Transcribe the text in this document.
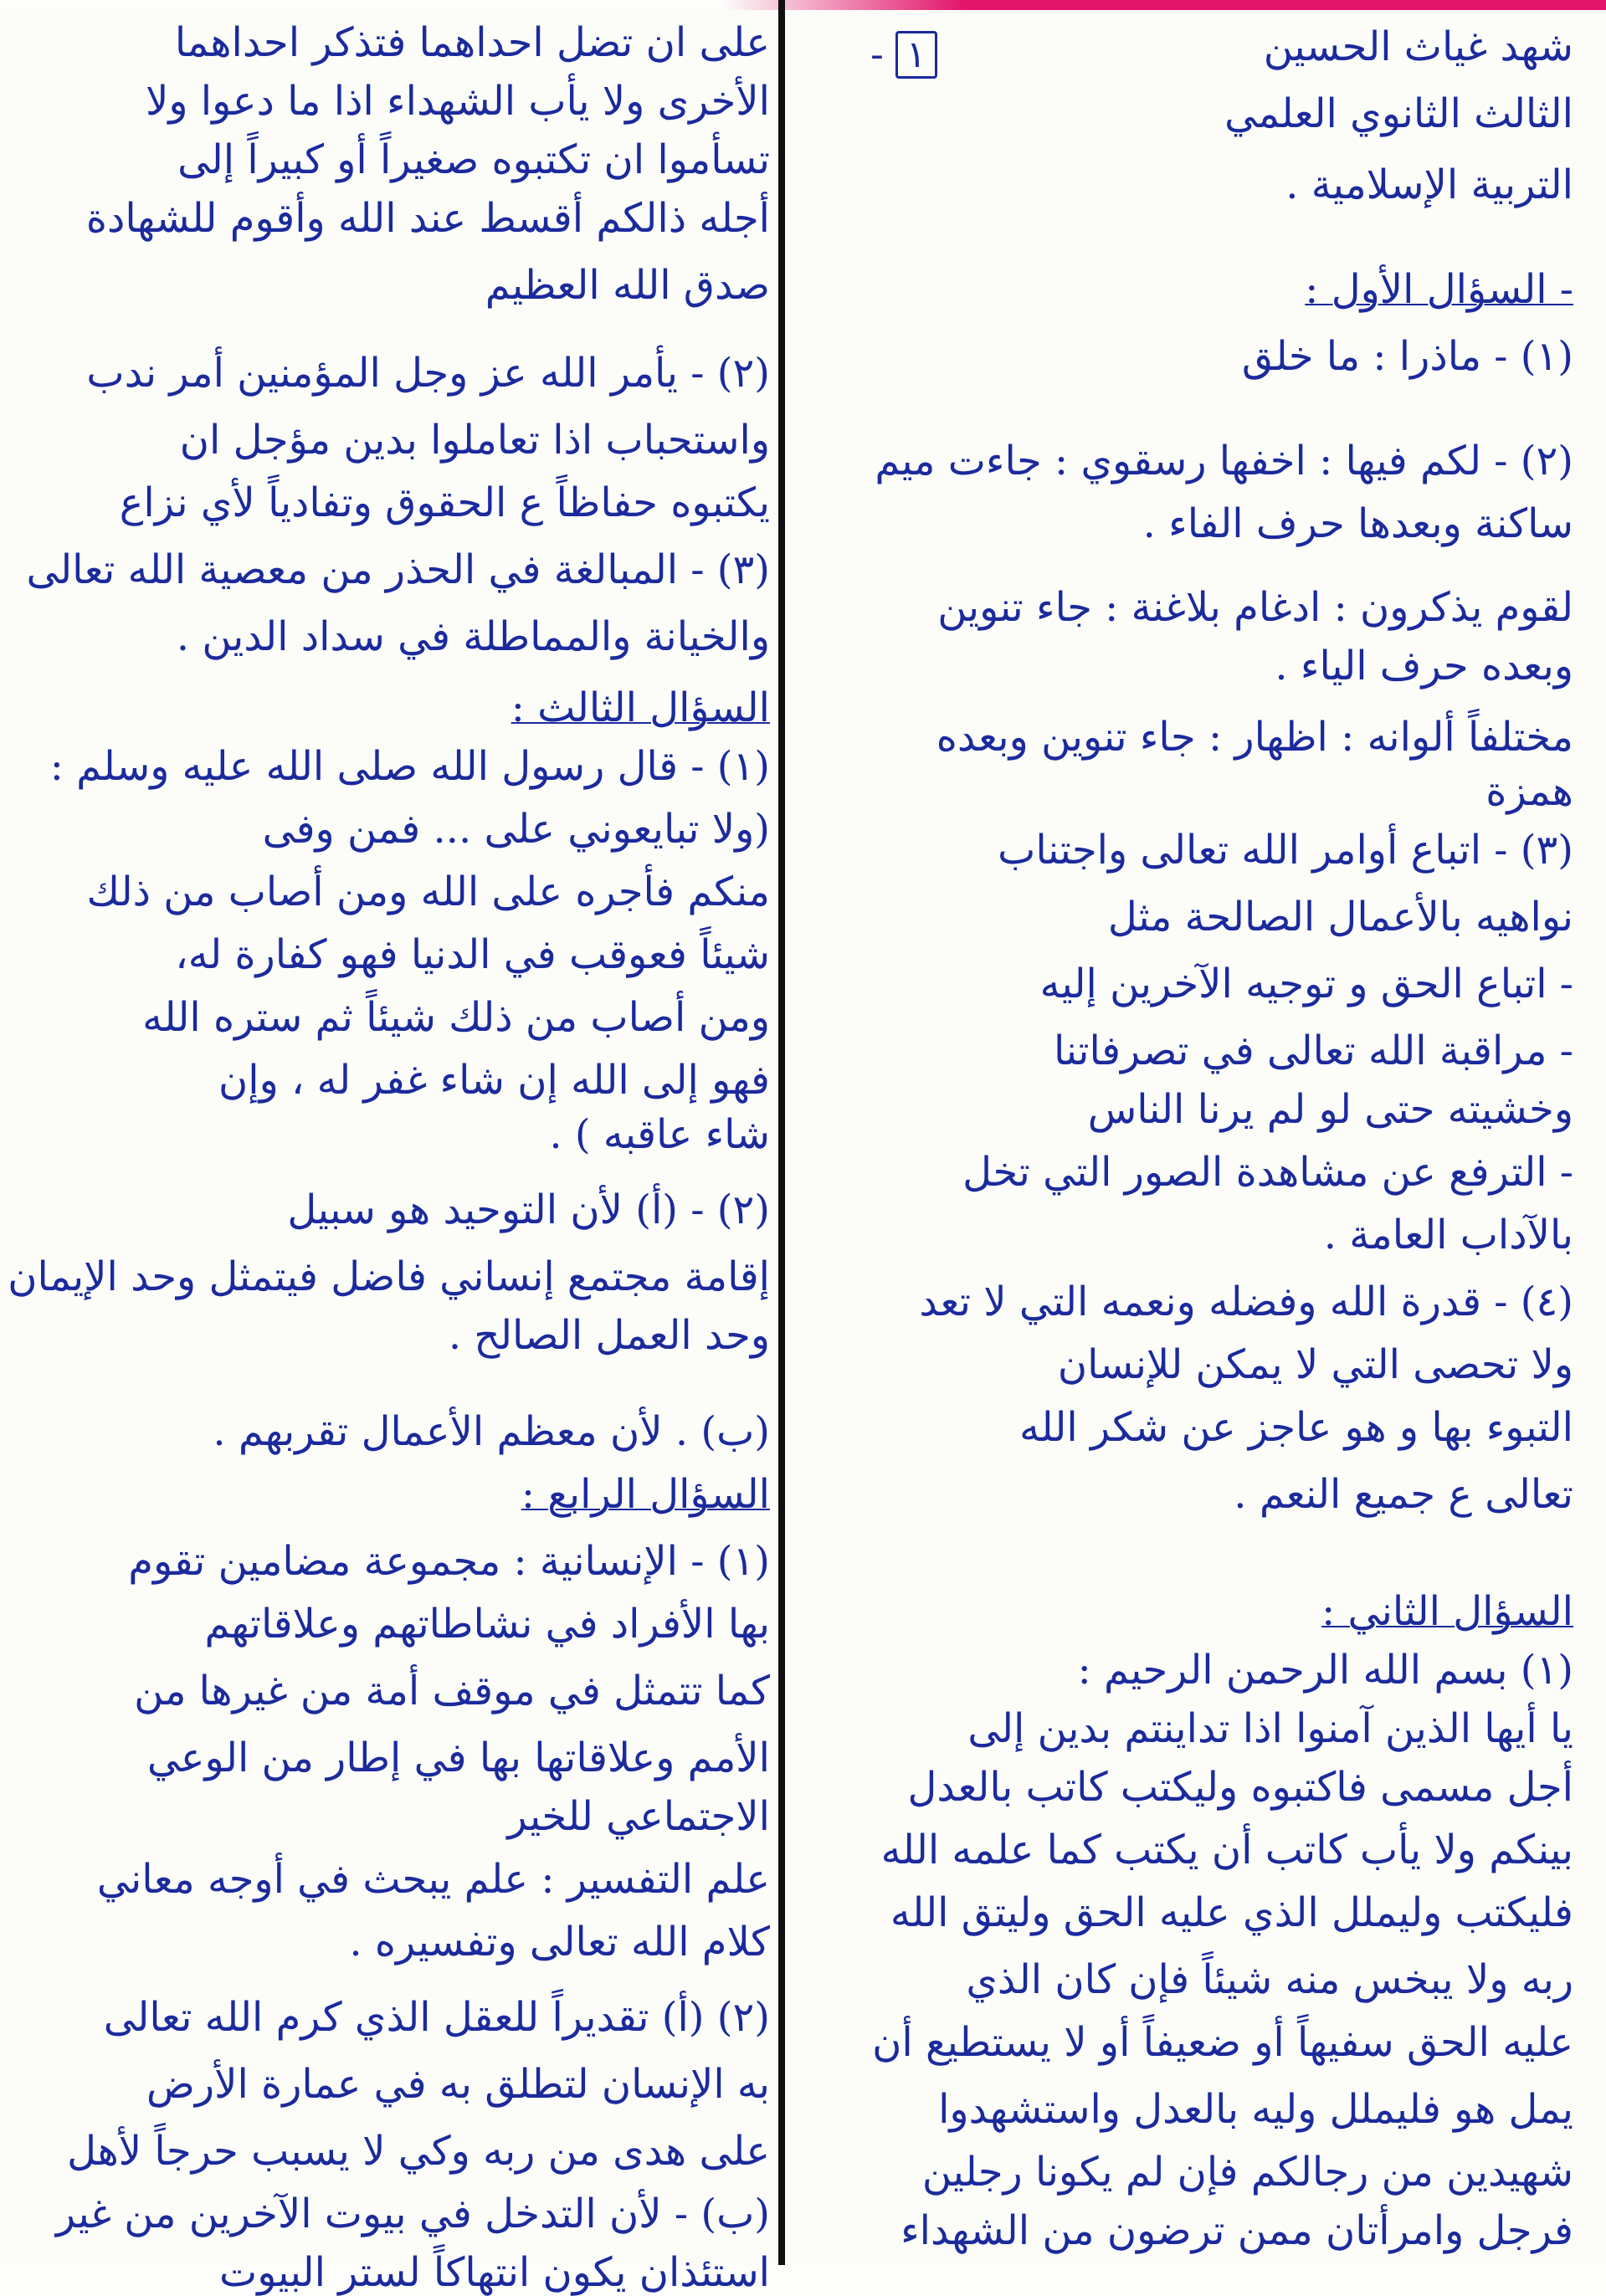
١ -	شهد غياث الحسين
الثالث الثانوي العلمي
التربية الإسلامية .
- السؤال الأول :
(١) - ماذرا : ما خلق
(٢) - لكم فيها : اخفها رسقوي : جاءت ميم
ساكنة وبعدها حرف الفاء .
لقوم يذكرون : ادغام بلاغنة : جاء تنوين
وبعده حرف الياء .
مختلفاً ألوانه : اظهار : جاء تنوين وبعده
همزة
(٣) - اتباع أوامر الله تعالى واجتناب
نواهيه بالأعمال الصالحة مثل
- اتباع الحق و توجيه الآخرين إليه
- مراقبة الله تعالى في تصرفاتنا
وخشيته حتى لو لم يرنا الناس
- الترفع عن مشاهدة الصور التي تخل
بالآداب العامة .
(٤) - قدرة الله وفضله ونعمه التي لا تعد
ولا تحصى التي لا يمكن للإنسان
التبوء بها و هو عاجز عن شكر الله
تعالى ع جميع النعم .
السؤال الثاني :
(١) بسم الله الرحمن الرحيم :
يا أيها الذين آمنوا اذا تداينتم بدين إلى
أجل مسمى فاكتبوه وليكتب كاتب بالعدل
بينكم ولا يأب كاتب أن يكتب كما علمه الله
فليكتب وليملل الذي عليه الحق وليتق الله
ربه ولا يبخس منه شيئاً فإن كان الذي
عليه الحق سفيهاً أو ضعيفاً أو لا يستطيع أن
يمل هو فليملل وليه بالعدل واستشهدوا
شهيدين من رجالكم فإن لم يكونا رجلين
فرجل وامرأتان ممن ترضون من الشهداء
على ان تضل احداهما فتذكر احداهما
الأخرى ولا يأب الشهداء اذا ما دعوا ولا
تسأموا ان تكتبوه صغيراً أو كبيراً إلى
أجله ذالكم أقسط عند الله وأقوم للشهادة
صدق الله العظيم
(٢) - يأمر الله عز وجل المؤمنين أمر ندب
واستحباب اذا تعاملوا بدين مؤجل ان
يكتبوه حفاظاً ع الحقوق وتفادياً لأي نزاع
(٣) - المبالغة في الحذر من معصية الله تعالى
والخيانة والمماطلة في سداد الدين .
السؤال الثالث :
(١) - قال رسول الله صلى الله عليه وسلم :
(ولا تبايعوني على ... فمن وفى
منكم فأجره على الله ومن أصاب من ذلك
شيئاً فعوقب في الدنيا فهو كفارة له،
ومن أصاب من ذلك شيئاً ثم ستره الله
فهو إلى الله إن شاء غفر له ، وإن
شاء عاقبه ) .
(٢) - (أ) لأن التوحيد هو سبيل
إقامة مجتمع إنساني فاضل فيتمثل وحد الإيمان
وحد العمل الصالح .
(ب) . لأن معظم الأعمال تقربهم .
السؤال الرابع :
(١) - الإنسانية : مجموعة مضامين تقوم
بها الأفراد في نشاطاتهم وعلاقاتهم
كما تتمثل في موقف أمة من غيرها من
الأمم وعلاقاتها بها في إطار من الوعي
الاجتماعي للخير
علم التفسير : علم يبحث في أوجه معاني
كلام الله تعالى وتفسيره .
(٢) (أ) تقديراً للعقل الذي كرم الله تعالى
به الإنسان لتطلق به في عمارة الأرض
على هدى من ربه وكي لا يسبب حرجاً لأهل
(ب) - لأن التدخل في بيوت الآخرين من غير
استئذان يكون انتهاكاً لستر البيوت
